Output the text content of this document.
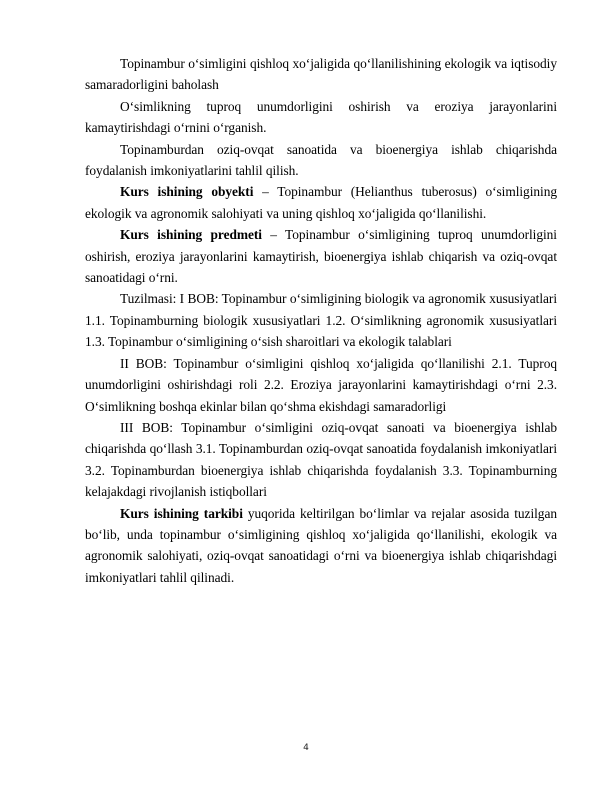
Topinambur o‘simligini qishloq xo‘jaligida qo‘llanilishining ekologik va iqtisodiy samaradorligini baholash

O‘simlikning tuproq unumdorligini oshirish va eroziya jarayonlarini kamaytirishdagi o‘rnini o‘rganish.

Topinamburdan oziq-ovqat sanoatida va bioenergiya ishlab chiqarishda foydalanish imkoniyatlarini tahlil qilish.

Kurs ishining obyekti – Topinambur (Helianthus tuberosus) o‘simligining ekologik va agronomik salohiyati va uning qishloq xo‘jaligida qo‘llanilishi.

Kurs ishining predmeti – Topinambur o‘simligining tuproq unumdorligini oshirish, eroziya jarayonlarini kamaytirish, bioenergiya ishlab chiqarish va oziq-ovqat sanoatidagi o‘rni.

Tuzilmasi: I BOB: Topinambur o‘simligining biologik va agronomik xususiyatlari 1.1. Topinamburning biologik xususiyatlari 1.2. O‘simlikning agronomik xususiyatlari 1.3. Topinambur o‘simligining o‘sish sharoitlari va ekologik talablari

II BOB: Topinambur o‘simligini qishloq xo‘jaligida qo‘llanilishi 2.1. Tuproq unumdorligini oshirishdagi roli 2.2. Eroziya jarayonlarini kamaytirishdagi o‘rni 2.3. O‘simlikning boshqa ekinlar bilan qo‘shma ekishdagi samaradorligi

III BOB: Topinambur o‘simligini oziq-ovqat sanoati va bioenergiya ishlab chiqarishda qo‘llash 3.1. Topinamburdan oziq-ovqat sanoatida foydalanish imkoniyatlari 3.2. Topinamburdan bioenergiya ishlab chiqarishda foydalanish 3.3. Topinamburning kelajakdagi rivojlanish istiqbollari

Kurs ishining tarkibi yuqorida keltirilgan bo‘limlar va rejalar asosida tuzilgan bo‘lib, unda topinambur o‘simligining qishloq xo‘jaligida qo‘llanilishi, ekologik va agronomik salohiyati, oziq-ovqat sanoatidagi o‘rni va bioenergiya ishlab chiqarishdagi imkoniyatlari tahlil qilinadi.

4
